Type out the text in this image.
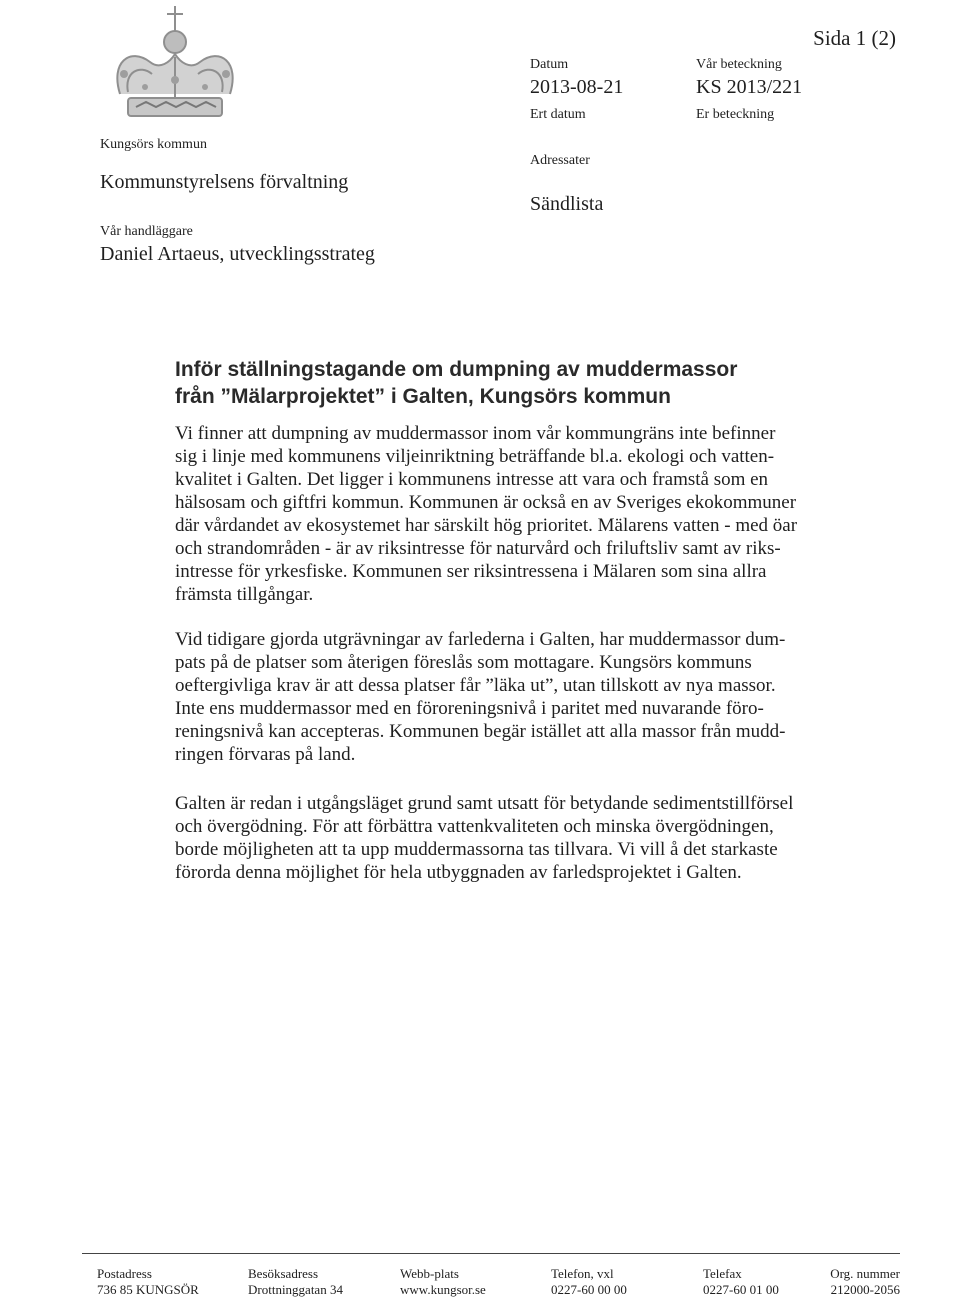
Sida 1 (2)
Kungsörs kommun
Kommunstyrelsens förvaltning
Vår handläggare
Daniel Artaeus, utvecklingsstrateg
Datum
2013-08-21
Ert datum
Vår beteckning
KS 2013/221
Er beteckning
Adressater
Sändlista
Inför ställningstagande om dumpning av muddermassor
från ”Mälarprojektet” i Galten, Kungsörs kommun
Vi finner att dumpning av muddermassor inom vår kommungräns inte befinner
sig i linje med kommunens viljeinriktning beträffande bl.a. ekologi och vatten-
kvalitet i Galten. Det ligger i kommunens intresse att vara och framstå som en
hälsosam och giftfri kommun. Kommunen är också en av Sveriges ekokommuner
där vårdandet av ekosystemet har särskilt hög prioritet. Mälarens vatten - med öar
och strandområden - är av riksintresse för naturvård och friluftsliv samt av riks-
intresse för yrkesfiske. Kommunen ser riksintressena i Mälaren som sina allra
främsta tillgångar.
Vid tidigare gjorda utgrävningar av farlederna i Galten, har muddermassor dum-
pats på de platser som återigen föreslås som mottagare. Kungsörs kommuns
oeftergivliga krav är att dessa platser får ”läka ut”, utan tillskott av nya massor.
Inte ens muddermassor med en föroreningsnivå i paritet med nuvarande föro-
reningsnivå kan accepteras. Kommunen begär istället att alla massor från mudd-
ringen förvaras på land.
Galten är redan i utgångsläget grund samt utsatt för betydande sedimentstillförsel
och övergödning. För att förbättra vattenkvaliteten och minska övergödningen,
borde möjligheten att ta upp muddermassorna tas tillvara. Vi vill å det starkaste
förorda denna möjlighet för hela utbyggnaden av farledsprojektet i Galten.
Postadress
736 85 KUNGSÖR
Besöksadress
Drottninggatan 34
Webb-plats
www.kungsor.se
Telefon, vxl
0227-60 00 00
Telefax
0227-60 01 00
Org. nummer
212000-2056
